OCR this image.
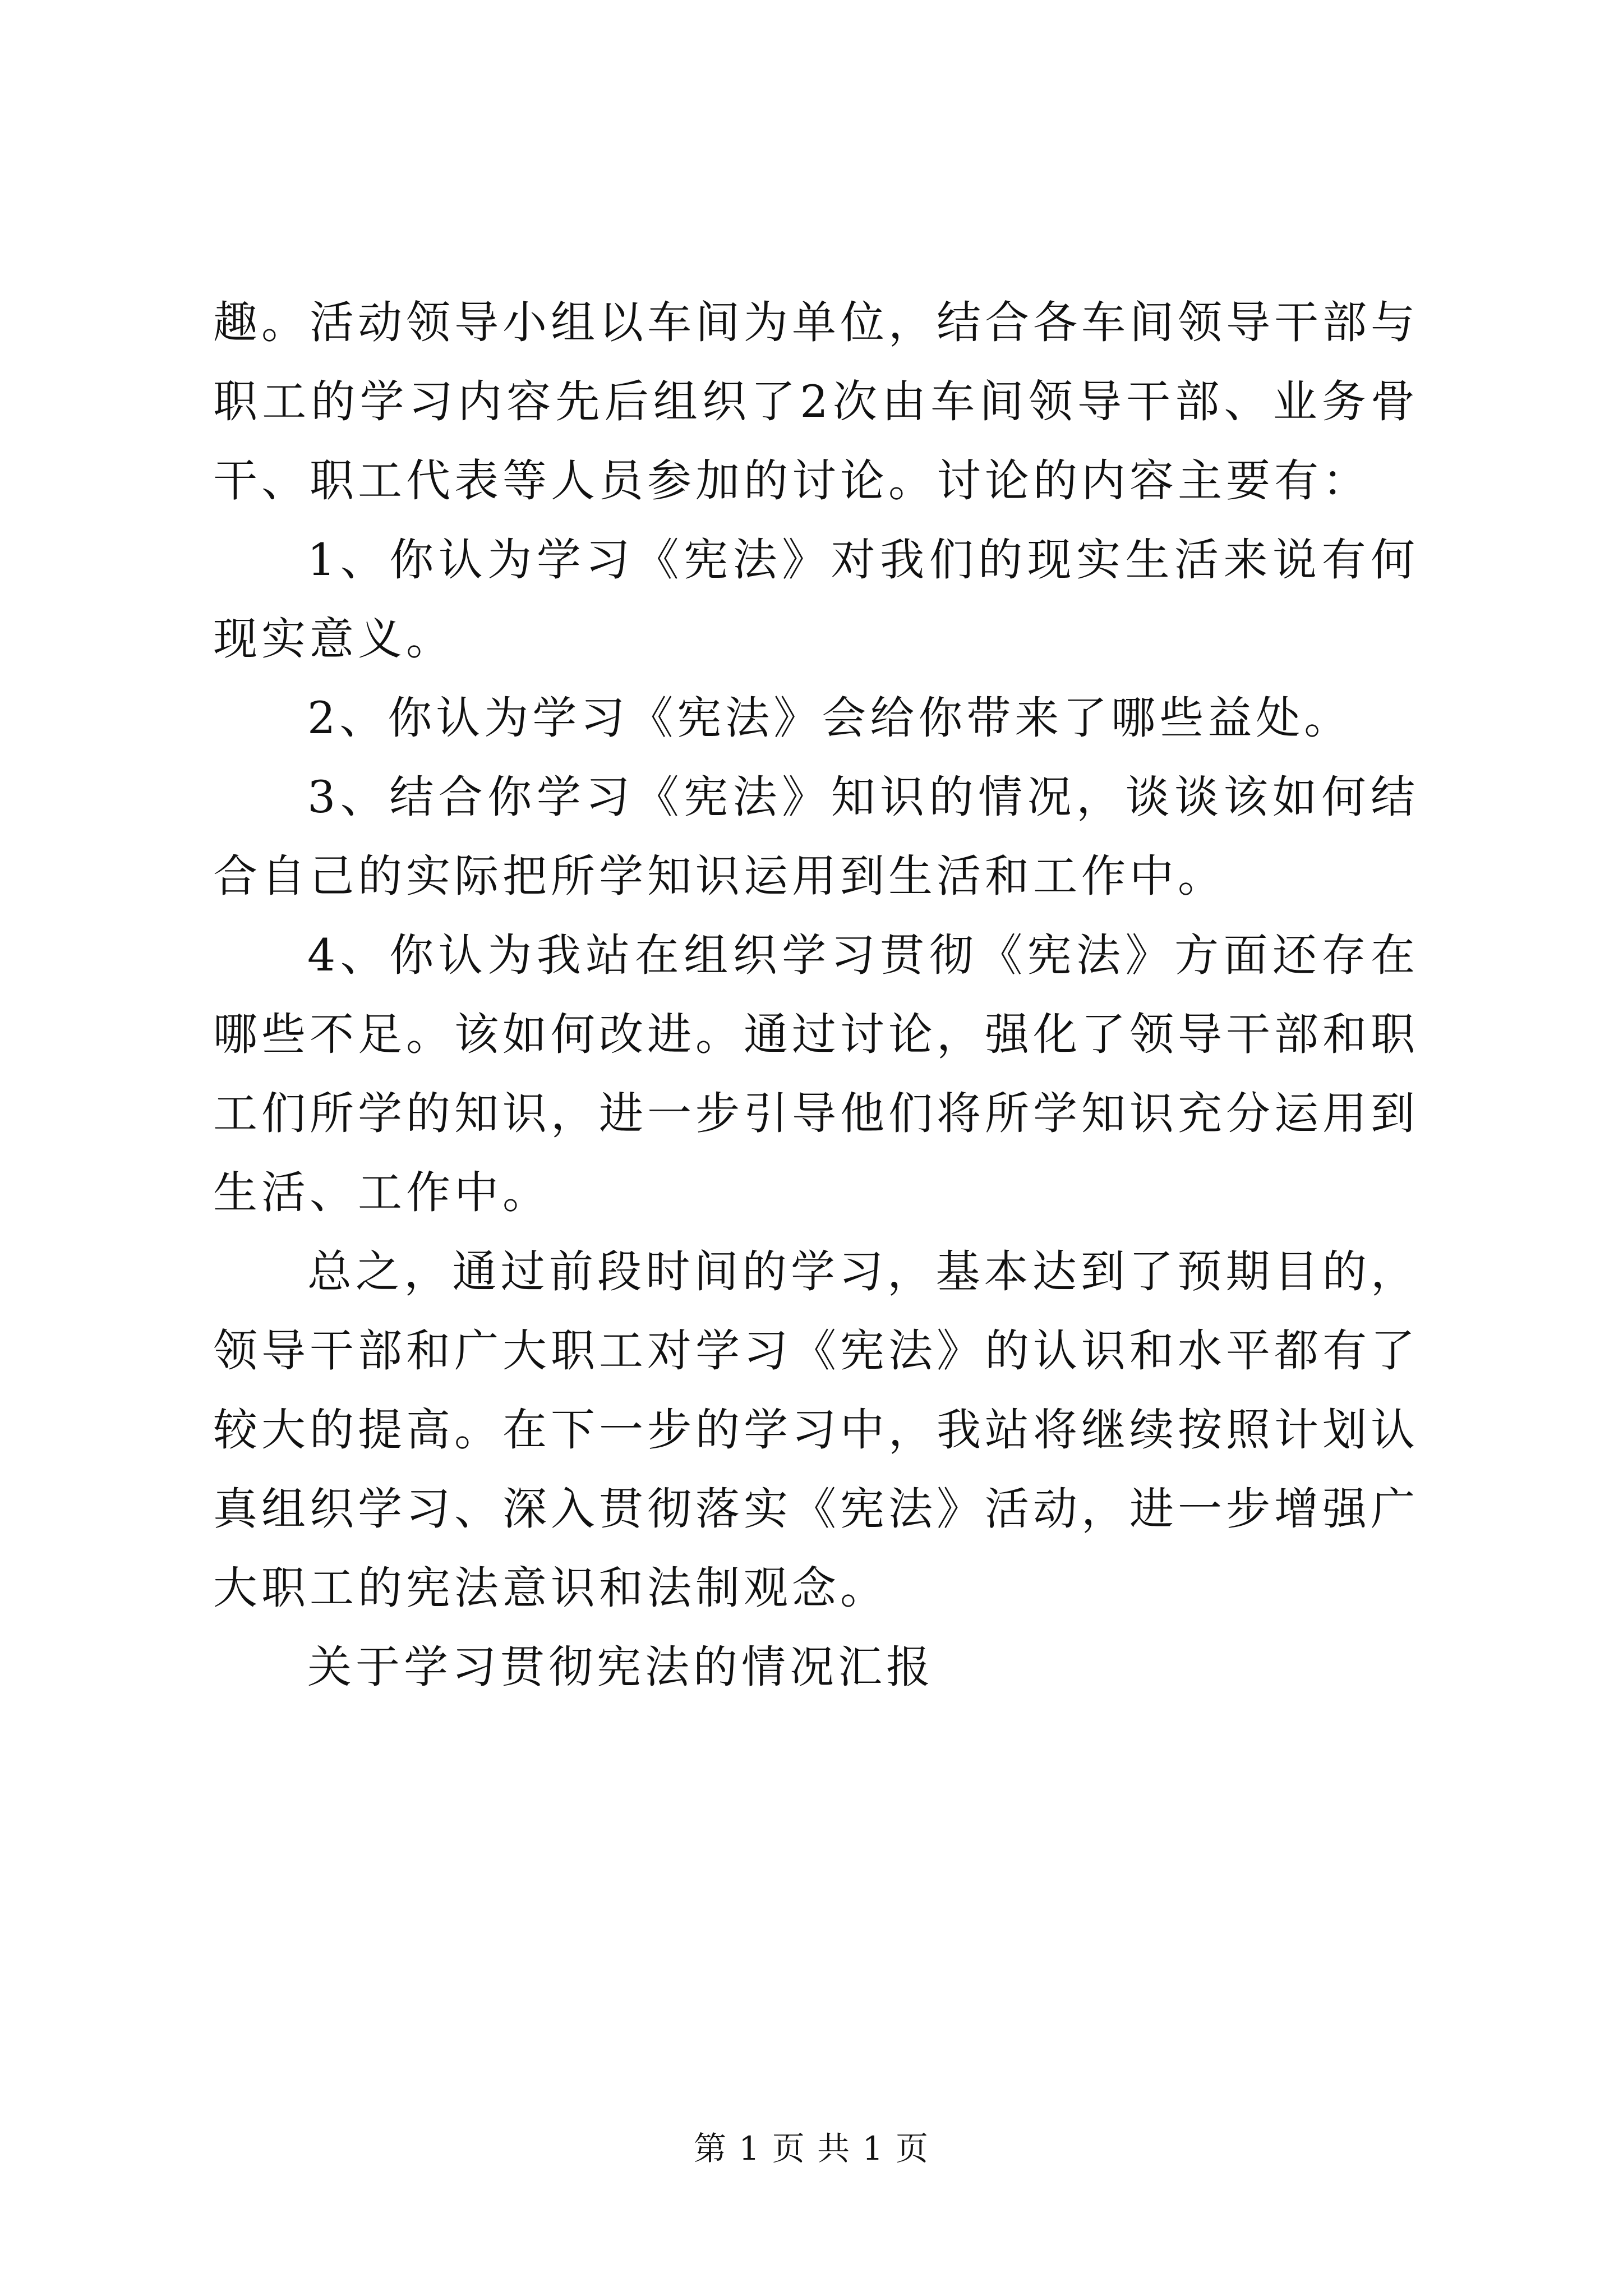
趣。活动领导小组以车间为单位，结合各车间领导干部与职工的学习内容先后组织了2次由车间领导干部、业务骨干、职工代表等人员参加的讨论。讨论的内容主要有：

1、你认为学习《宪法》对我们的现实生活来说有何现实意义。

2、你认为学习《宪法》会给你带来了哪些益处。

3、结合你学习《宪法》知识的情况，谈谈该如何结合自己的实际把所学知识运用到生活和工作中。

4、你认为我站在组织学习贯彻《宪法》方面还存在哪些不足。该如何改进。通过讨论，强化了领导干部和职工们所学的知识，进一步引导他们将所学知识充分运用到生活、工作中。

总之，通过前段时间的学习，基本达到了预期目的，领导干部和广大职工对学习《宪法》的认识和水平都有了较大的提高。在下一步的学习中，我站将继续按照计划认真组织学习、深入贯彻落实《宪法》活动，进一步增强广大职工的宪法意识和法制观念。

关于学习贯彻宪法的情况汇报

第 1 页 共 1 页
